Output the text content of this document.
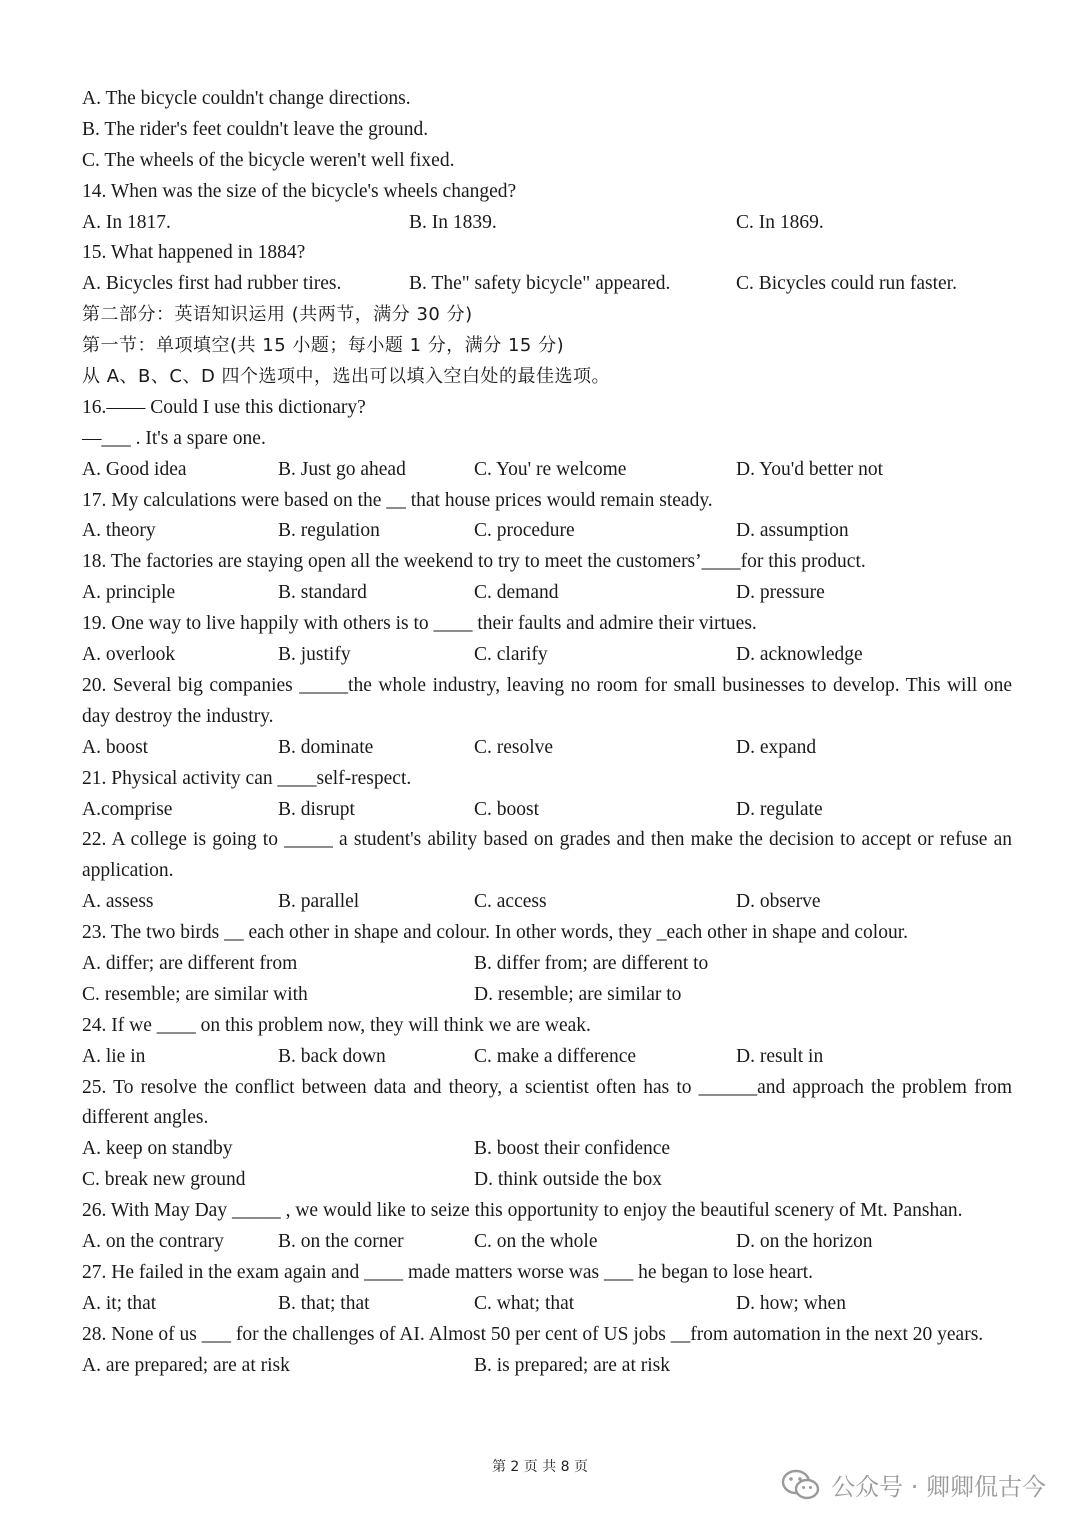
A. The bicycle couldn't change directions.
B. The rider's feet couldn't leave the ground.
C. The wheels of the bicycle weren't well fixed.
14. When was the size of the bicycle's wheels changed?
A. In 1817.	B. In 1839.	C. In 1869.
15. What happened in 1884?
A. Bicycles first had rubber tires.	B. The" safety bicycle" appeared.	C. Bicycles could run faster.
第二部分：英语知识运用 (共两节，满分 30 分)
第一节：单项填空(共 15 小题；每小题 1 分，满分 15 分)
从 A、B、C、D 四个选项中，选出可以填入空白处的最佳选项。
16.—— Could I use this dictionary?
—___ . It's a spare one.
A. Good idea	B. Just go ahead	C. You' re welcome	D. You'd better not
17. My calculations were based on the __ that house prices would remain steady.
A. theory	B. regulation	C. procedure	D. assumption
18. The factories are staying open all the weekend to try to meet the customers’____for this product.
A. principle	B. standard	C. demand	D. pressure
19. One way to live happily with others is to ____ their faults and admire their virtues.
A. overlook	B. justify	C. clarify	D. acknowledge
20. Several big companies _____the whole industry, leaving no room for small businesses to develop. This will one day destroy the industry.
A. boost	B. dominate	C. resolve	D. expand
21. Physical activity can ____self-respect.
A.comprise	B. disrupt	C. boost	D. regulate
22. A college is going to _____ a student's ability based on grades and then make the decision to accept or refuse an application.
A. assess	B. parallel	C. access	D. observe
23. The two birds __ each other in shape and colour. In other words, they _each other in shape and colour.
A. differ; are different from	B. differ from; are different to
C. resemble; are similar with	D. resemble; are similar to
24. If we ____ on this problem now, they will think we are weak.
A. lie in	B. back down	C. make a difference	D. result in
25. To resolve the conflict between data and theory, a scientist often has to ______and approach the problem from different angles.
A. keep on standby	B. boost their confidence
C. break new ground	D. think outside the box
26. With May Day _____ , we would like to seize this opportunity to enjoy the beautiful scenery of Mt. Panshan.
A. on the contrary	B. on the corner	C. on the whole	D. on the horizon
27. He failed in the exam again and ____ made matters worse was ___ he began to lose heart.
A. it; that	B. that; that	C. what; that	D. how; when
28. None of us ___ for the challenges of AI. Almost 50 per cent of US jobs __from automation in the next 20 years.
A. are prepared; are at risk	B. is prepared; are at risk
第 2 页 共 8 页
公众号 · 卿卿侃古今
